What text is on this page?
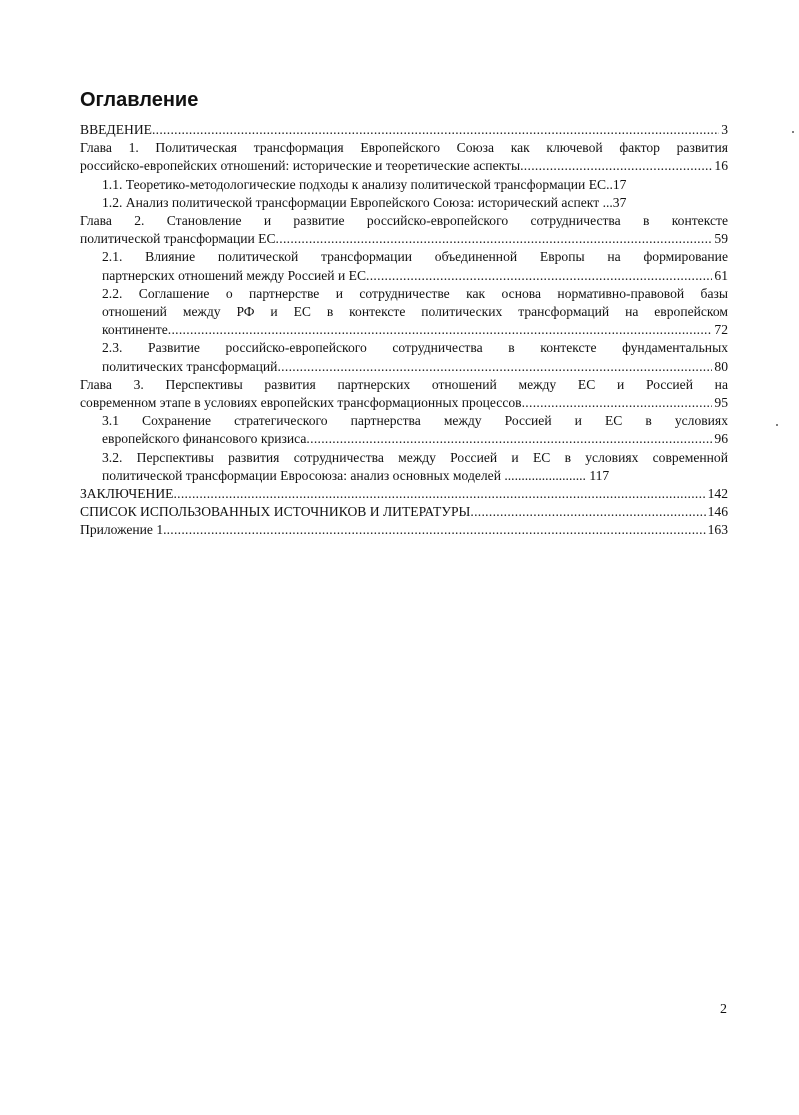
Оглавление
ВВЕДЕНИЕ .....	3
Глава 1. Политическая трансформация Европейского Союза как ключевой фактор развития
российско-европейских отношений: исторические и теоретические аспекты .....	16
1.1. Теоретико-методологические подходы к анализу политической трансформации ЕС..17
1.2. Анализ политической трансформации Европейского Союза: исторический аспект ...37
Глава 2. Становление и развитие российско-европейского сотрудничества в контексте
политической трансформации ЕС .....	59
2.1. Влияние политической трансформации объединенной Европы на формирование
партнерских отношений между Россией и ЕС .....	61
2.2. Соглашение о партнерстве и сотрудничестве как основа нормативно-правовой базы
отношений между РФ и ЕС в контексте политических трансформаций на европейском
континенте .....	72
2.3. Развитие российско-европейского сотрудничества в контексте фундаментальных
политических трансформаций .....	80
Глава 3. Перспективы развития партнерских отношений между ЕС и Россией на
современном этапе в условиях европейских трансформационных процессов .....	95
3.1 Сохранение стратегического партнерства между Россией и ЕС в условиях
европейского финансового кризиса .....	96
3.2. Перспективы развития сотрудничества между Россией и ЕС в условиях современной
политической трансформации Евросоюза: анализ основных моделей ........................ 117
ЗАКЛЮЧЕНИЕ .....	142
СПИСОК ИСПОЛЬЗОВАННЫХ ИСТОЧНИКОВ И ЛИТЕРАТУРЫ .....	146
Приложение 1. .....	163
2
